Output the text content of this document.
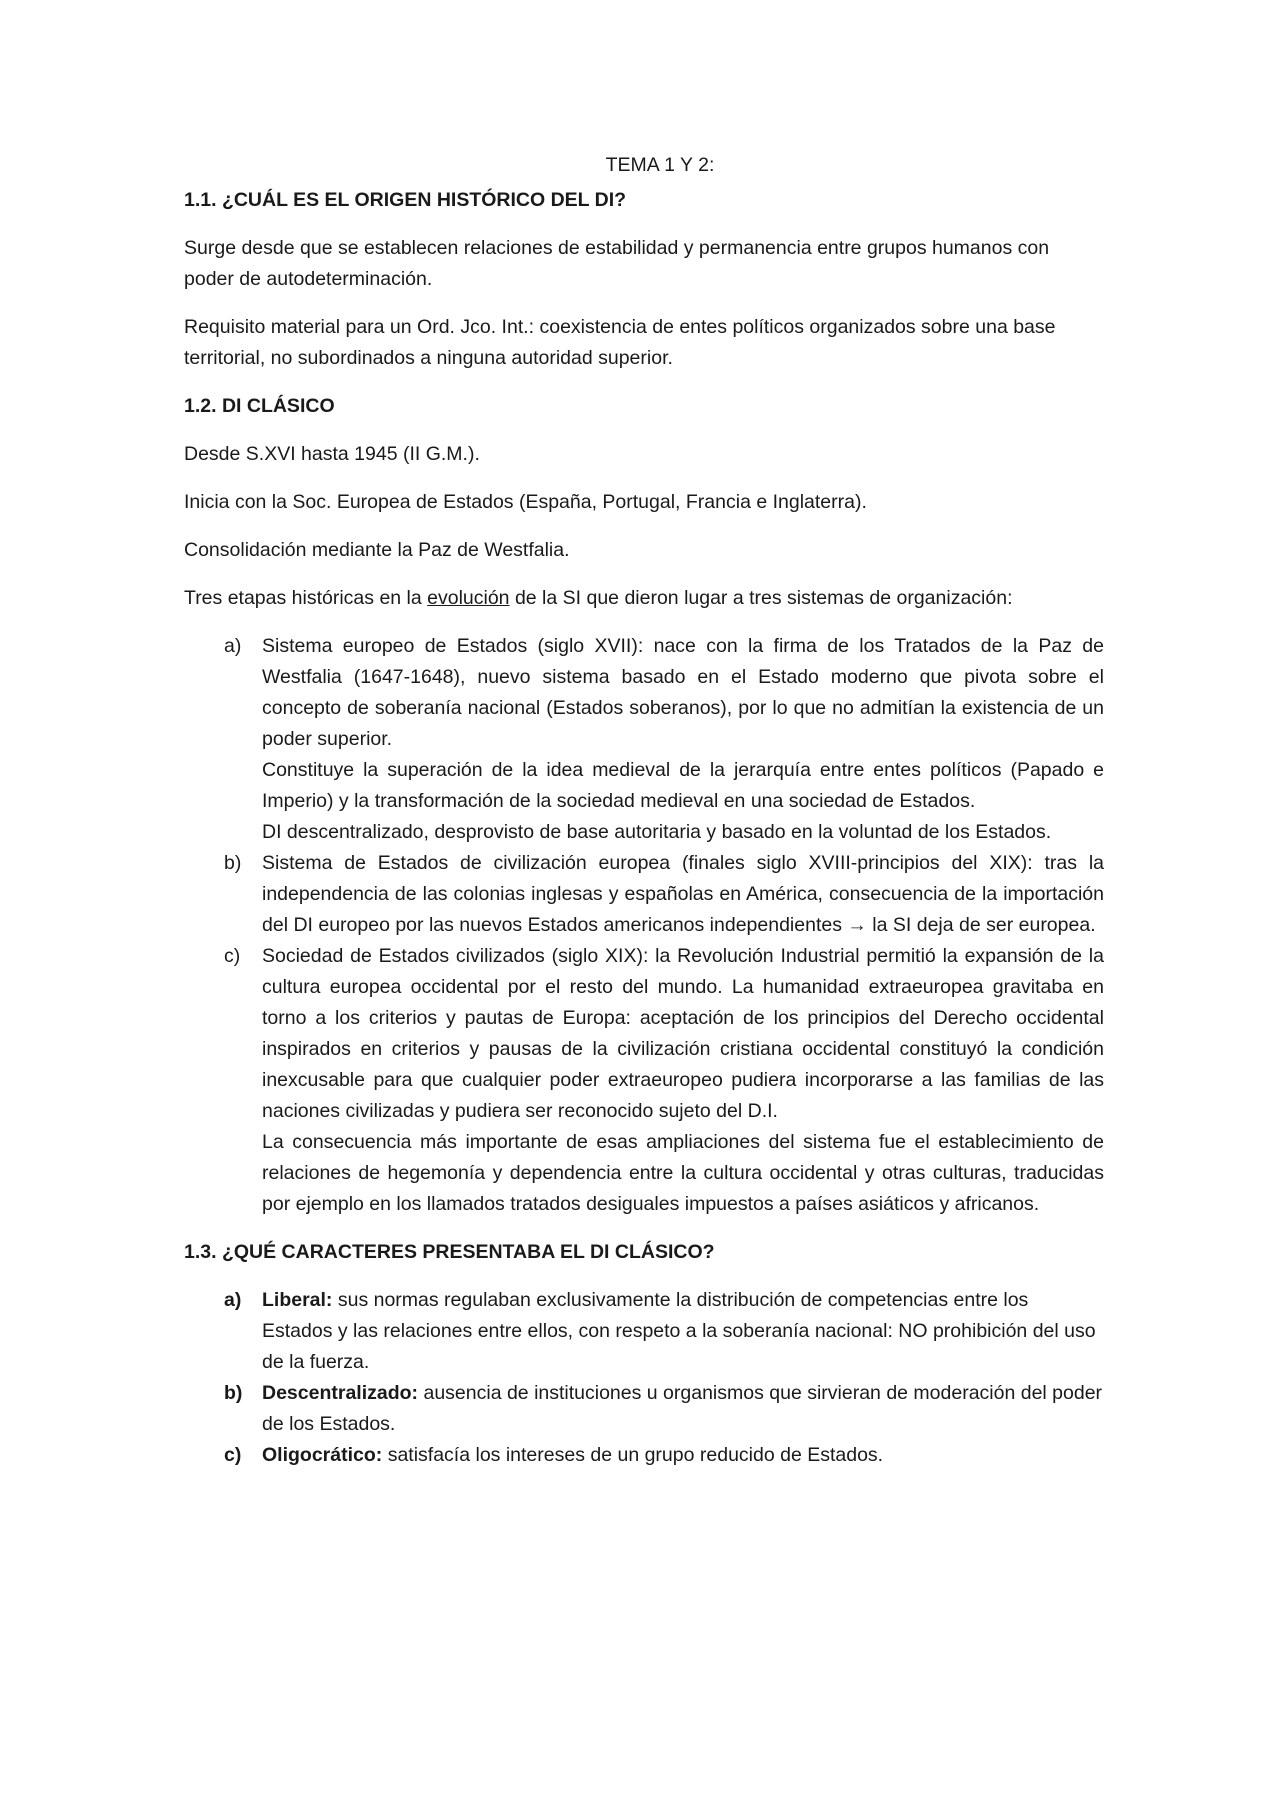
TEMA 1 Y 2:
1.1. ¿CUÁL ES EL ORIGEN HISTÓRICO DEL DI?
Surge desde que se establecen relaciones de estabilidad y permanencia entre grupos humanos con poder de autodeterminación.
Requisito material para un Ord. Jco. Int.: coexistencia de entes políticos organizados sobre una base territorial, no subordinados a ninguna autoridad superior.
1.2. DI CLÁSICO
Desde S.XVI hasta 1945 (II G.M.).
Inicia con la Soc. Europea de Estados (España, Portugal, Francia e Inglaterra).
Consolidación mediante la Paz de Westfalia.
Tres etapas históricas en la evolución de la SI que dieron lugar a tres sistemas de organización:
a) Sistema europeo de Estados (siglo XVII): nace con la firma de los Tratados de la Paz de Westfalia (1647-1648), nuevo sistema basado en el Estado moderno que pivota sobre el concepto de soberanía nacional (Estados soberanos), por lo que no admitían la existencia de un poder superior.
Constituye la superación de la idea medieval de la jerarquía entre entes políticos (Papado e Imperio) y la transformación de la sociedad medieval en una sociedad de Estados.
DI descentralizado, desprovisto de base autoritaria y basado en la voluntad de los Estados.
b) Sistema de Estados de civilización europea (finales siglo XVIII-principios del XIX): tras la independencia de las colonias inglesas y españolas en América, consecuencia de la importación del DI europeo por las nuevos Estados americanos independientes → la SI deja de ser europea.
c) Sociedad de Estados civilizados (siglo XIX): la Revolución Industrial permitió la expansión de la cultura europea occidental por el resto del mundo. La humanidad extraeuropea gravitaba en torno a los criterios y pautas de Europa: aceptación de los principios del Derecho occidental inspirados en criterios y pausas de la civilización cristiana occidental constituyó la condición inexcusable para que cualquier poder extraeuropeo pudiera incorporarse a las familias de las naciones civilizadas y pudiera ser reconocido sujeto del D.I.
La consecuencia más importante de esas ampliaciones del sistema fue el establecimiento de relaciones de hegemonía y dependencia entre la cultura occidental y otras culturas, traducidas por ejemplo en los llamados tratados desiguales impuestos a países asiáticos y africanos.
1.3. ¿QUÉ CARACTERES PRESENTABA EL DI CLÁSICO?
a) Liberal: sus normas regulaban exclusivamente la distribución de competencias entre los Estados y las relaciones entre ellos, con respeto a la soberanía nacional: NO prohibición del uso de la fuerza.
b) Descentralizado: ausencia de instituciones u organismos que sirvieran de moderación del poder de los Estados.
c) Oligocrático: satisfacía los intereses de un grupo reducido de Estados.
